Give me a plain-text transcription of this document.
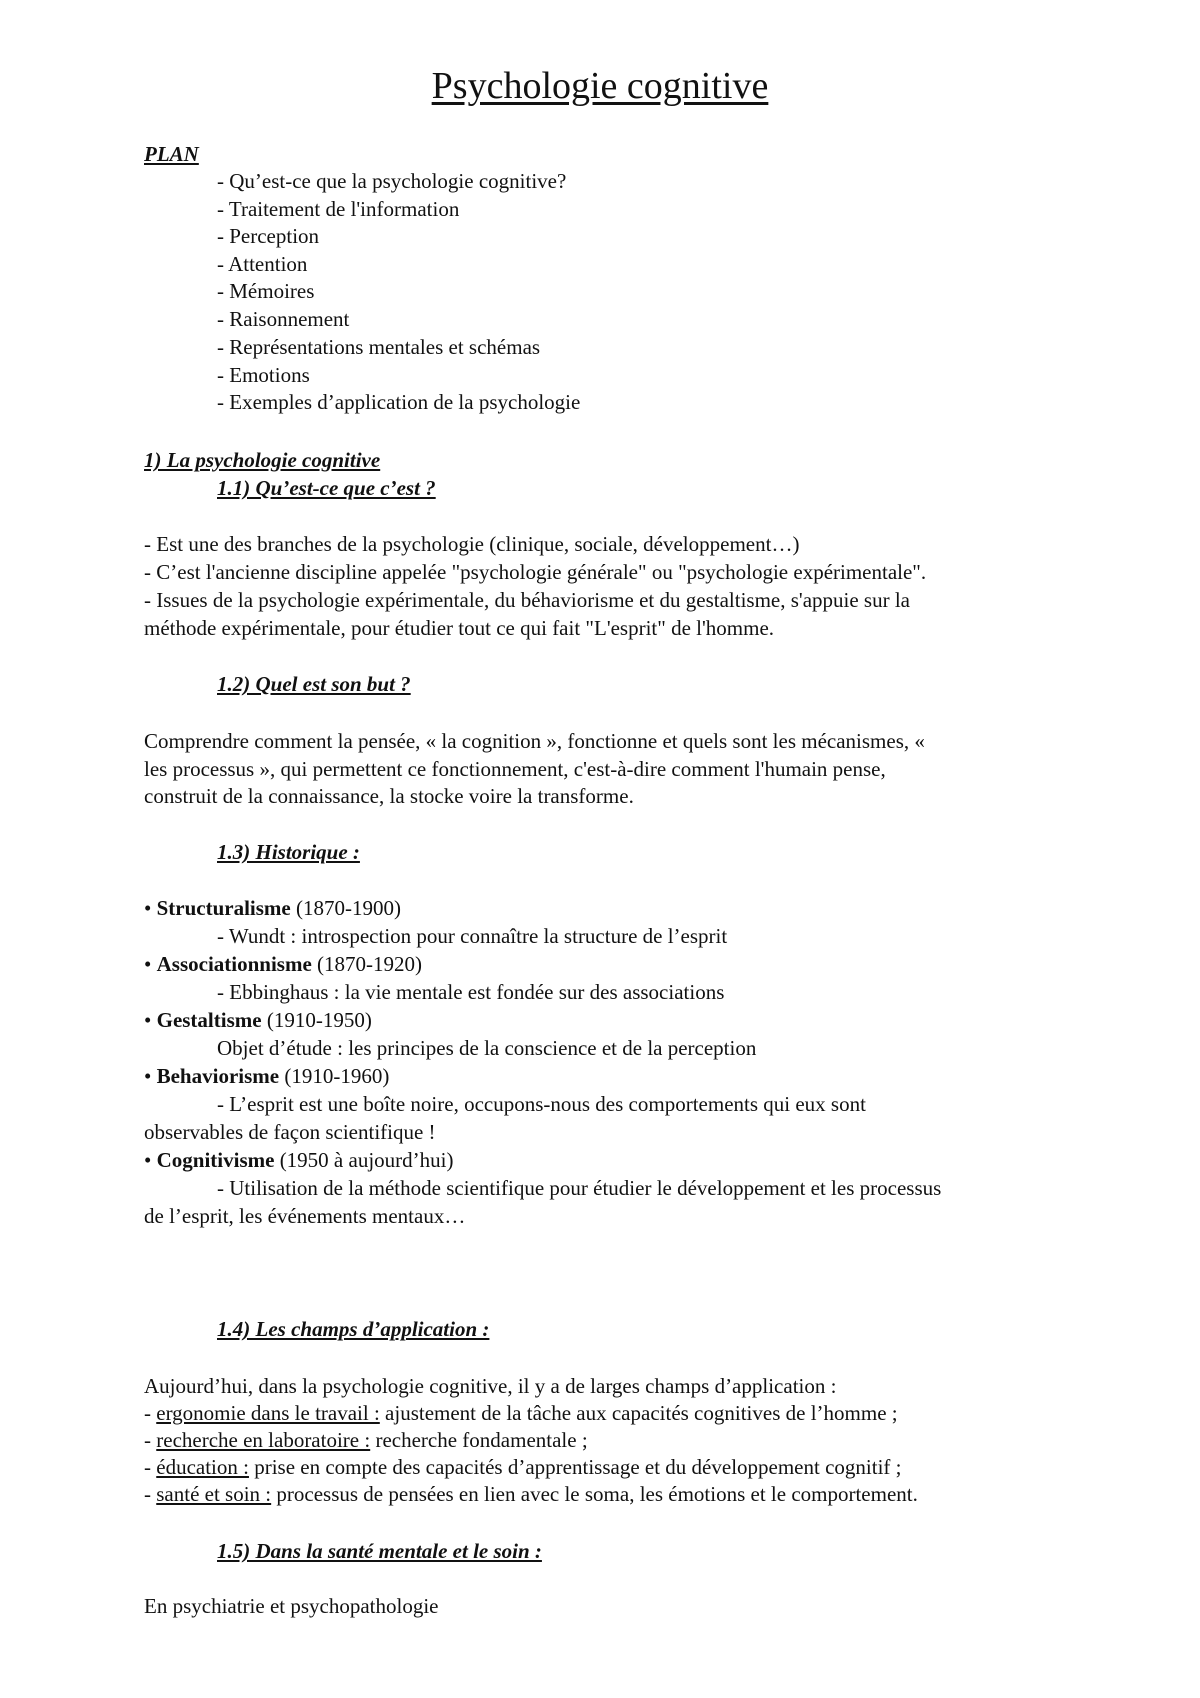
Psychologie cognitive
PLAN
- Qu’est-ce que la psychologie cognitive?
- Traitement de l'information
- Perception
- Attention
- Mémoires
- Raisonnement
- Représentations mentales et schémas
- Emotions
- Exemples d’application de la psychologie
1) La psychologie cognitive
1.1) Qu’est-ce que c’est ?
- Est une des branches de la psychologie (clinique, sociale, développement…)
- C’est l'ancienne discipline appelée "psychologie générale" ou "psychologie expérimentale".
- Issues de la psychologie expérimentale, du béhaviorisme et du gestaltisme, s'appuie sur la
méthode expérimentale, pour étudier tout ce qui fait "L'esprit" de l'homme.
1.2) Quel est son but ?
Comprendre comment la pensée, « la cognition », fonctionne et quels sont les mécanismes, «
les processus », qui permettent ce fonctionnement, c'est-à-dire comment l'humain pense,
construit de la connaissance, la stocke voire la transforme.
1.3) Historique :
• Structuralisme (1870-1900)
- Wundt : introspection pour connaître la structure de l’esprit
• Associationnisme (1870-1920)
- Ebbinghaus : la vie mentale est fondée sur des associations
• Gestaltisme (1910-1950)
Objet d’étude : les principes de la conscience et de la perception
• Behaviorisme (1910-1960)
- L’esprit est une boîte noire, occupons-nous des comportements qui eux sont
observables de façon scientifique !
• Cognitivisme (1950 à aujourd’hui)
- Utilisation de la méthode scientifique pour étudier le développement et les processus
de l’esprit, les événements mentaux…
1.4) Les champs d’application :
Aujourd’hui, dans la psychologie cognitive, il y a de larges champs d’application :
- ergonomie dans le travail : ajustement de la tâche aux capacités cognitives de l’homme ;
- recherche en laboratoire : recherche fondamentale ;
- éducation : prise en compte des capacités d’apprentissage et du développement cognitif ;
- santé et soin : processus de pensées en lien avec le soma, les émotions et le comportement.
1.5) Dans la santé mentale et le soin :
En psychiatrie et psychopathologie
